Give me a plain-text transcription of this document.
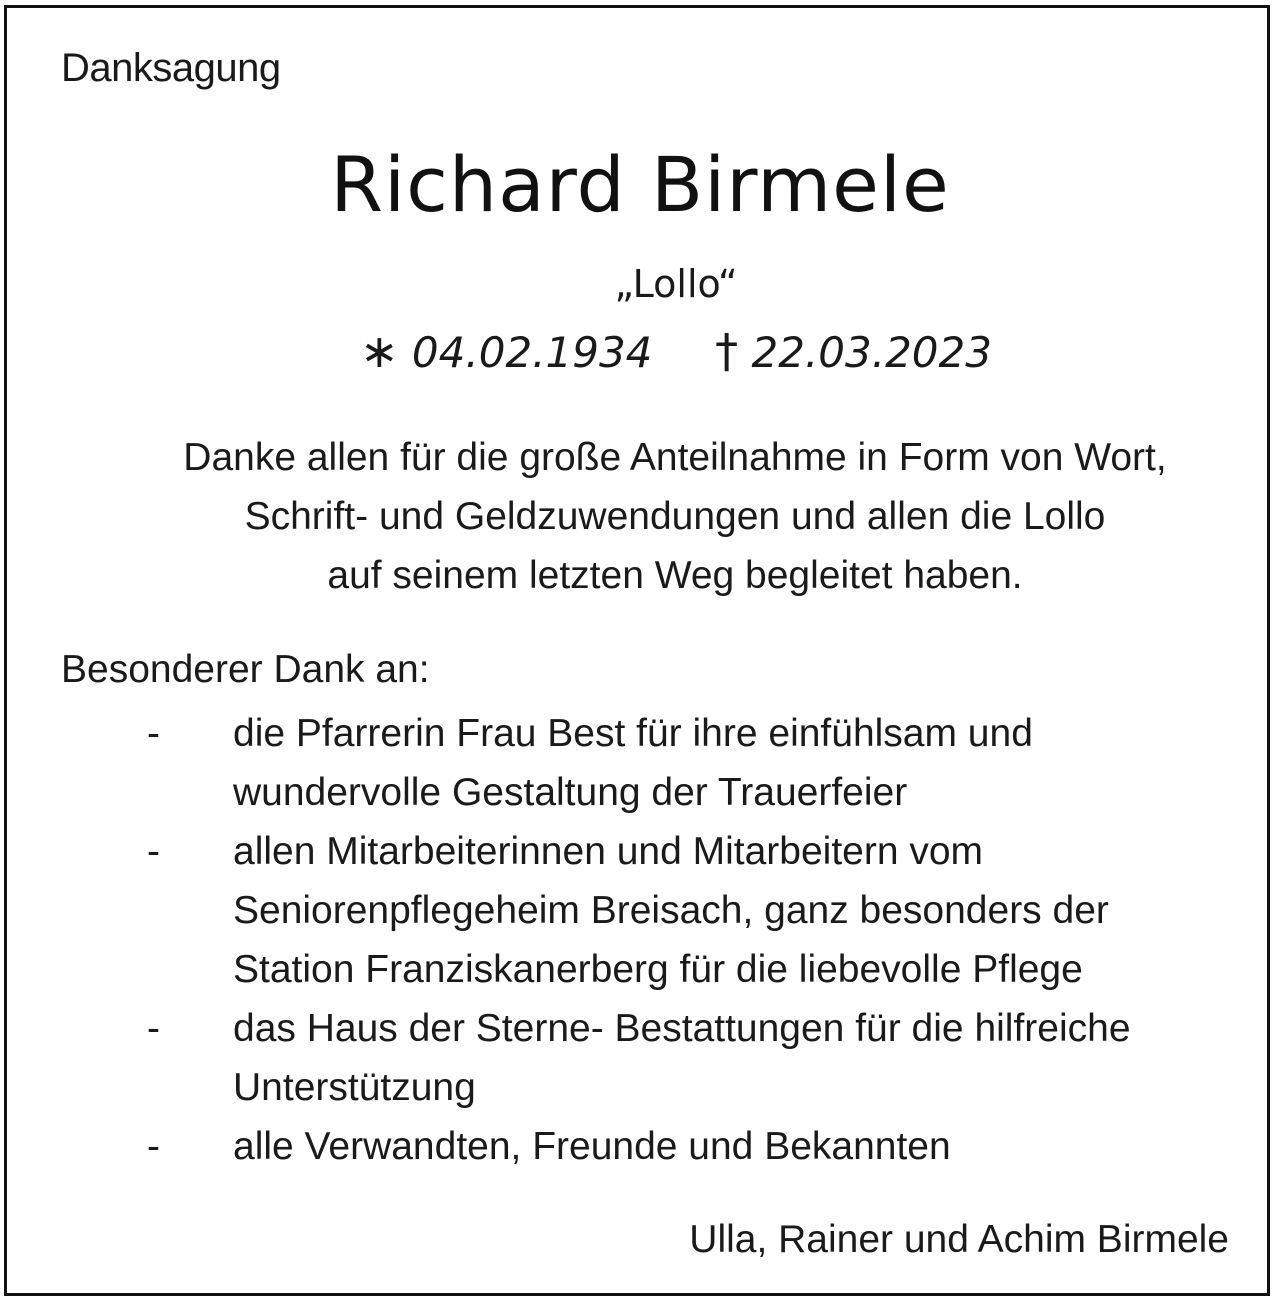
Danksagung
Richard Birmele
„Lollo“
∗ 04.02.1934 † 22.03.2023
Danke allen für die große Anteilnahme in Form von Wort,
Schrift- und Geldzuwendungen und allen die Lollo
auf seinem letzten Weg begleitet haben.
Besonderer Dank an:
- die Pfarrerin Frau Best für ihre einfühlsam und
wundervolle Gestaltung der Trauerfeier
- allen Mitarbeiterinnen und Mitarbeitern vom
Seniorenpflegeheim Breisach, ganz besonders der
Station Franziskanerberg für die liebevolle Pflege
- das Haus der Sterne- Bestattungen für die hilfreiche
Unterstützung
- alle Verwandten, Freunde und Bekannten
Ulla, Rainer und Achim Birmele
